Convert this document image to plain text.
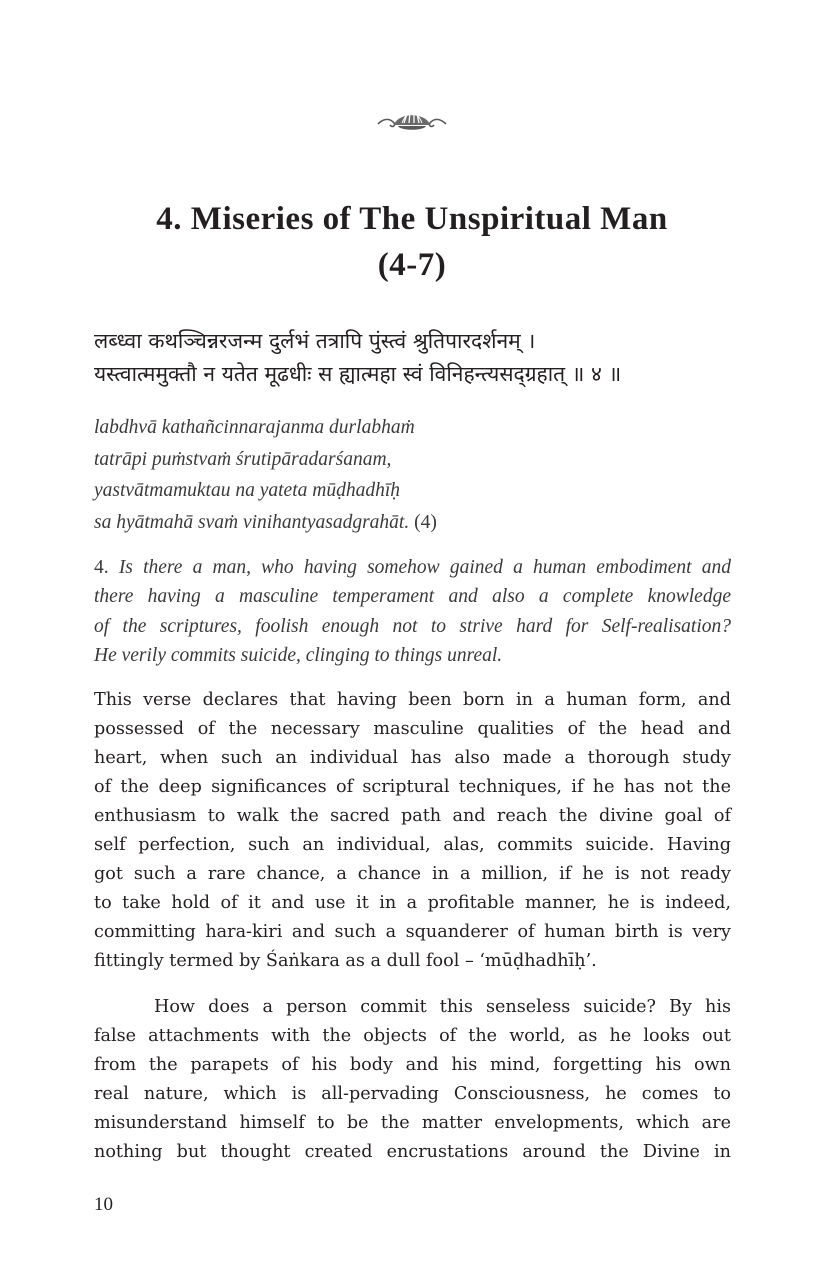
4. Miseries of The Unspiritual Man
(4-7)
लब्ध्वा कथञ्चिन्नरजन्म दुर्लभं तत्रापि पुंस्त्वं श्रुतिपारदर्शनम् ।
यस्त्वात्ममुक्तौ न यतेत मूढधीः स ह्यात्महा स्वं विनिहन्त्यसद्ग्रहात् ॥ ४ ॥
labdhvā kathañcinnarajanma durlabhaṁ
tatrāpi puṁstvaṁ śrutipāradarśanam,
yastvātmamuktau na yateta mūḍhadhīḥ
sa hyātmahā svaṁ vinihantyasadgrahāt. (4)
4. Is there a man, who having somehow gained a human embodiment and
there having a masculine temperament and also a complete knowledge
of the scriptures, foolish enough not to strive hard for Self-realisation?
He verily commits suicide, clinging to things unreal.
This verse declares that having been born in a human form, and
possessed of the necessary masculine qualities of the head and
heart, when such an individual has also made a thorough study
of the deep significances of scriptural techniques, if he has not the
enthusiasm to walk the sacred path and reach the divine goal of
self perfection, such an individual, alas, commits suicide. Having
got such a rare chance, a chance in a million, if he is not ready
to take hold of it and use it in a profitable manner, he is indeed,
committing hara-kiri and such a squanderer of human birth is very
fittingly termed by Śaṅkara as a dull fool – ‘mūḍhadhīḥ’.
How does a person commit this senseless suicide? By his
false attachments with the objects of the world, as he looks out
from the parapets of his body and his mind, forgetting his own
real nature, which is all-pervading Consciousness, he comes to
misunderstand himself to be the matter envelopments, which are
nothing but thought created encrustations around the Divine in
10
